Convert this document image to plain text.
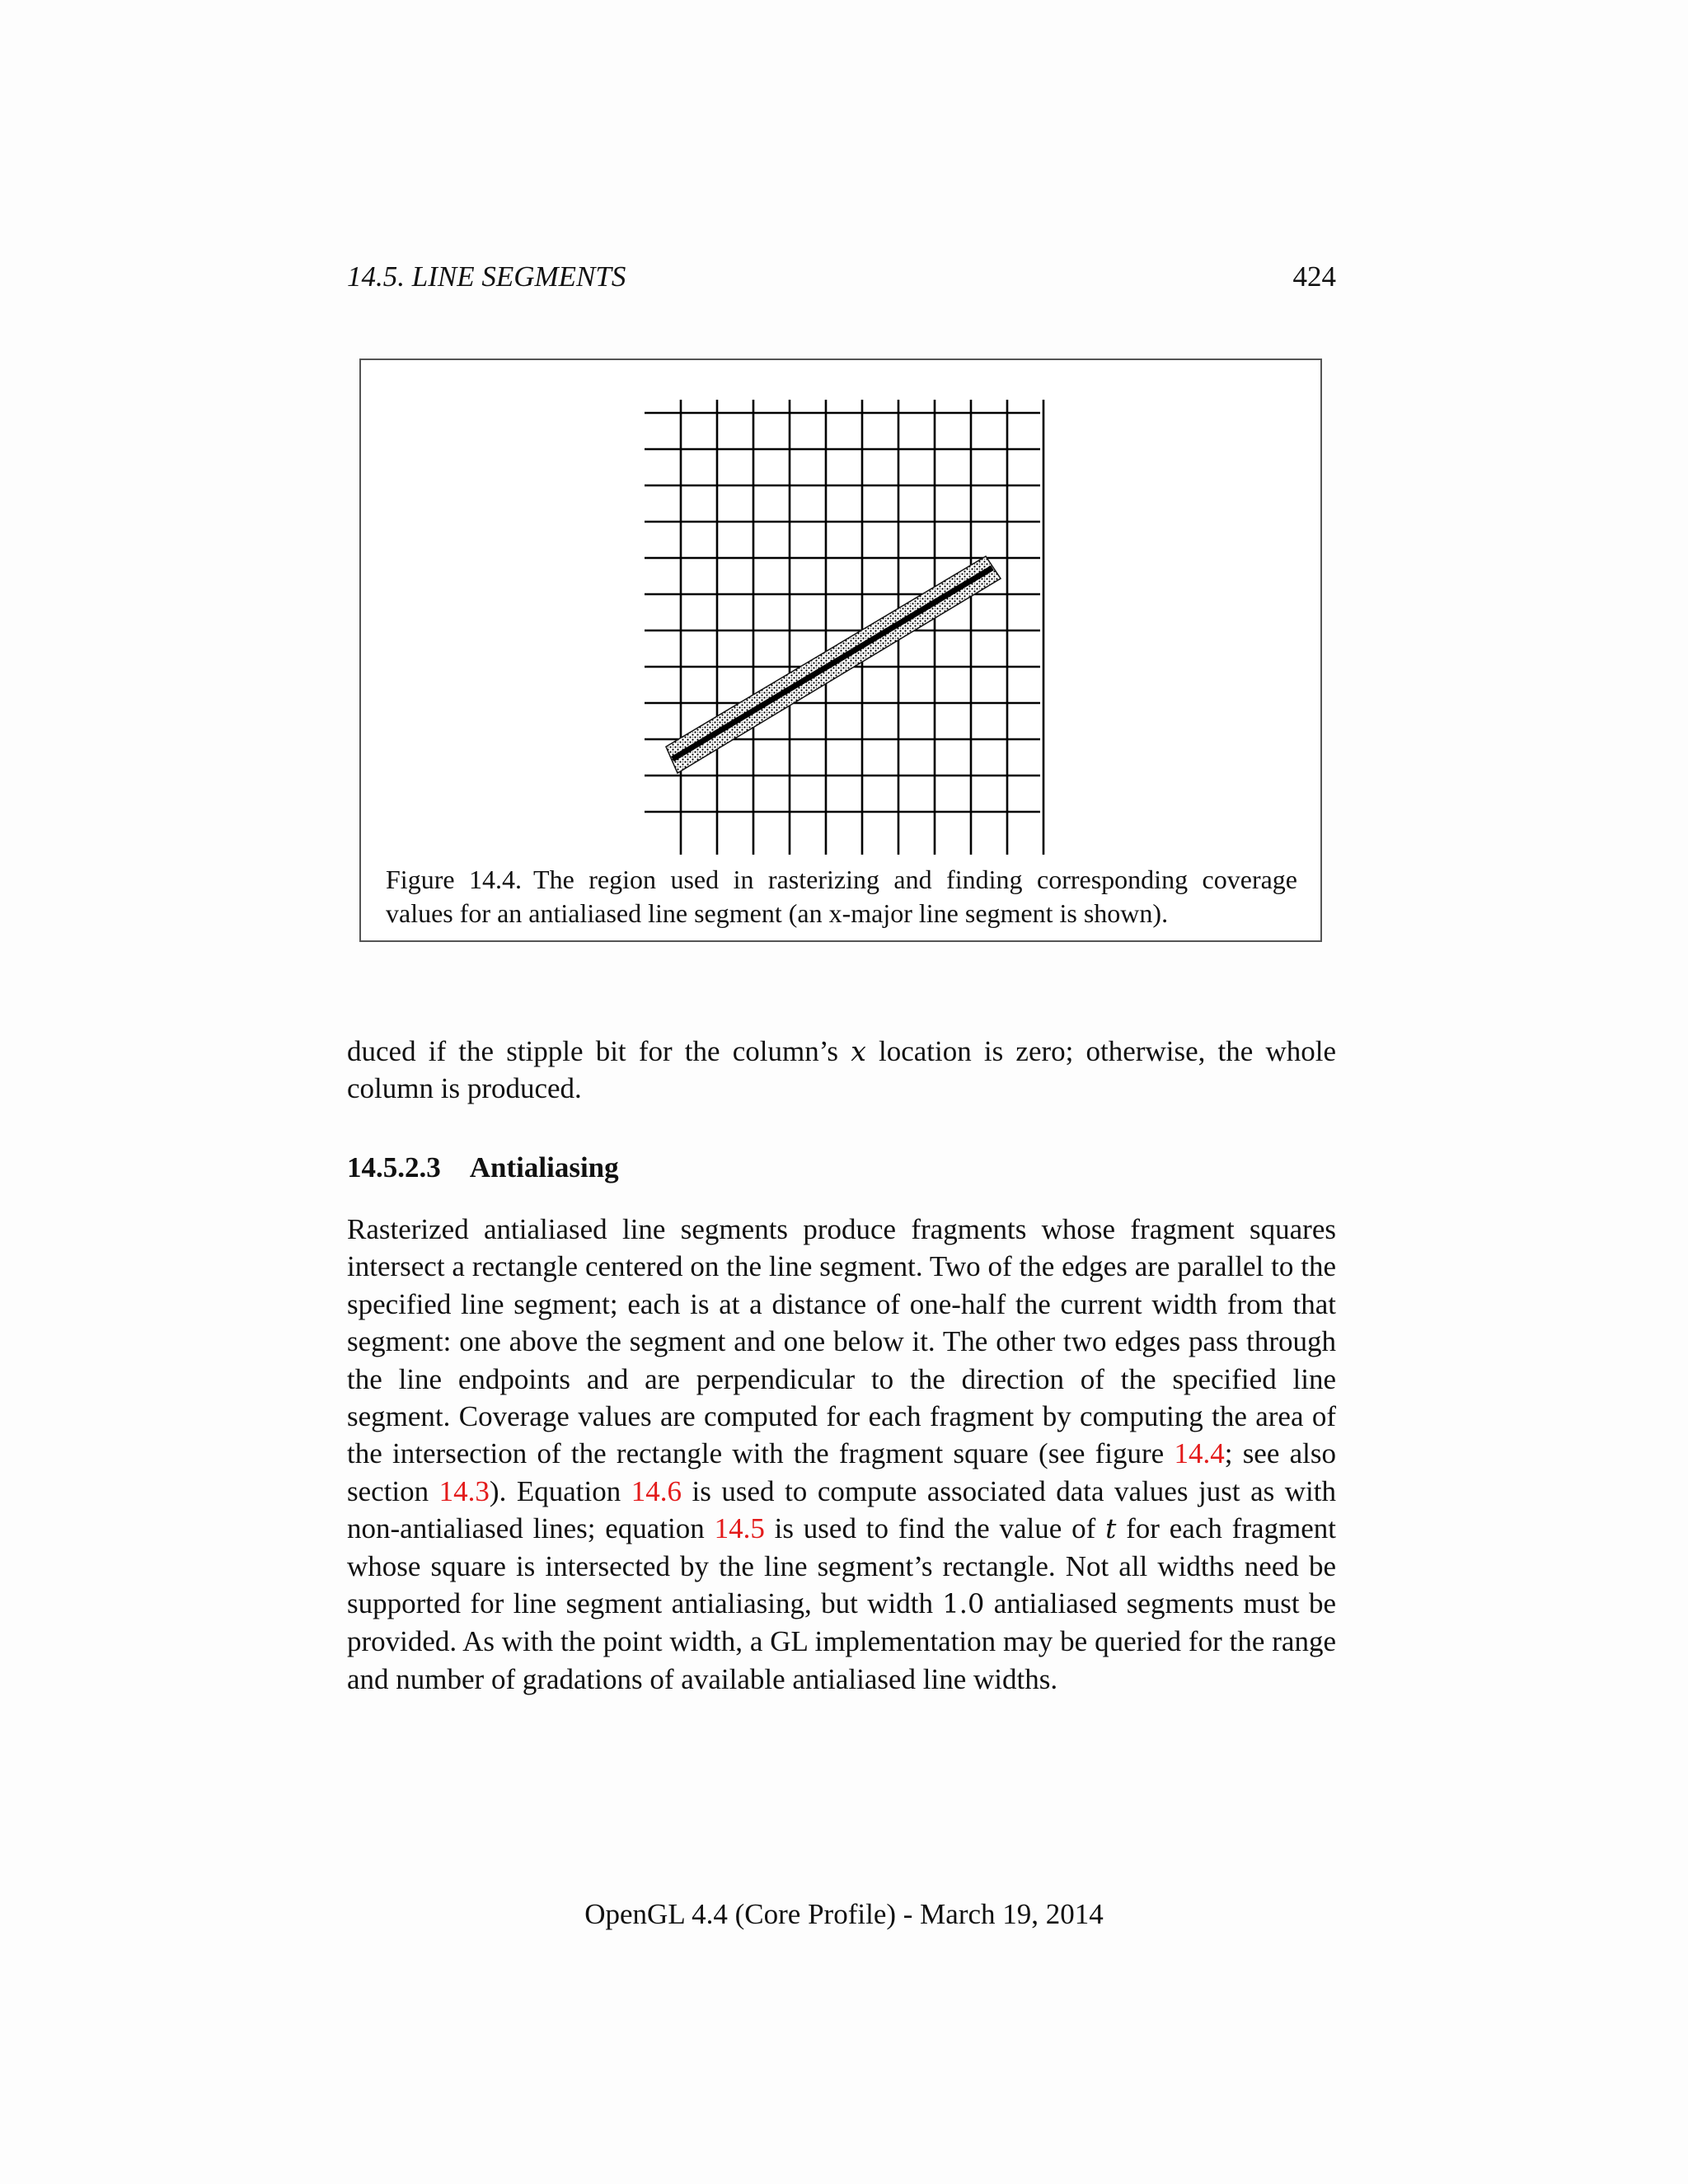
14.5. LINE SEGMENTS	424
Figure 14.4. The region used in rasterizing and finding corresponding coverage values for an antialiased line segment (an x-major line segment is shown).
duced if the stipple bit for the column’s x location is zero; otherwise, the whole column is produced.
14.5.2.3 Antialiasing
Rasterized antialiased line segments produce fragments whose fragment squares intersect a rectangle centered on the line segment. Two of the edges are parallel to the specified line segment; each is at a distance of one-half the current width from that segment: one above the segment and one below it. The other two edges pass through the line endpoints and are perpendicular to the direction of the specified line segment. Coverage values are computed for each fragment by computing the area of the intersection of the rectangle with the fragment square (see figure 14.4; see also section 14.3). Equation 14.6 is used to compute associated data values just as with non-antialiased lines; equation 14.5 is used to find the value of t for each fragment whose square is intersected by the line segment’s rectangle. Not all widths need be supported for line segment antialiasing, but width 1.0 antialiased segments must be provided. As with the point width, a GL implementation may be queried for the range and number of gradations of available antialiased line widths.
OpenGL 4.4 (Core Profile) - March 19, 2014
